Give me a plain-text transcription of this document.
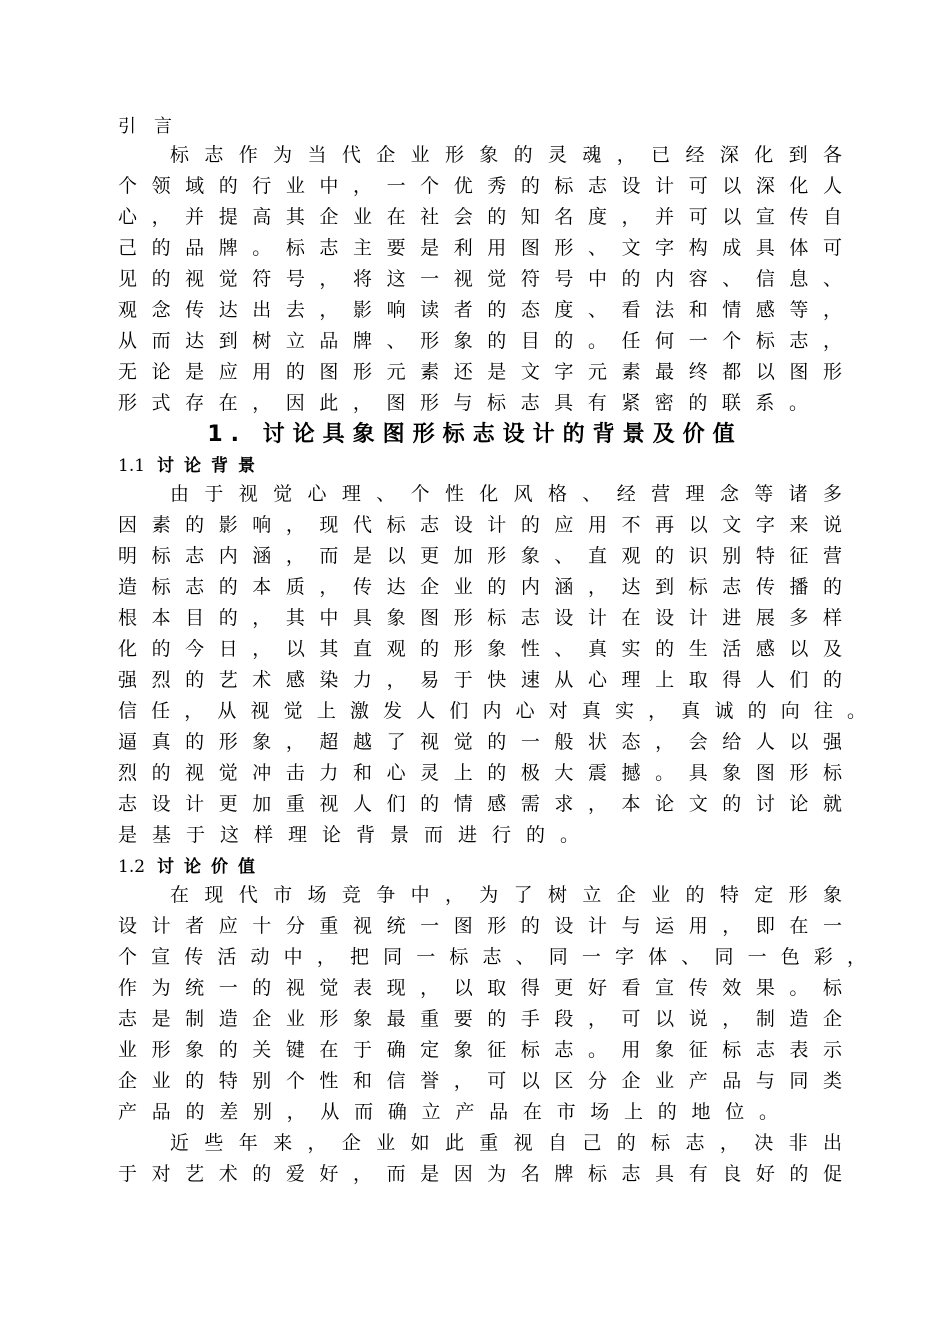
引言
标志作为当代企业形象的灵魂，已经深化到各
个领域的行业中，一个优秀的标志设计可以深化人
心，并提高其企业在社会的知名度，并可以宣传自
己的品牌。标志主要是利用图形、文字构成具体可
见的视觉符号，将这一视觉符号中的内容、信息、
观念传达出去，影响读者的态度、看法和情感等，
从而达到树立品牌、形象的目的。任何一个标志，
无论是应用的图形元素还是文字元素最终都以图形
形式存在，因此，图形与标志具有紧密的联系。
1. 讨论具象图形标志设计的背景及价值
1.1 讨论背景
由于视觉心理、个性化风格、经营理念等诸多
因素的影响，现代标志设计的应用不再以文字来说
明标志内涵，而是以更加形象、直观的识别特征营
造标志的本质，传达企业的内涵，达到标志传播的
根本目的，其中具象图形标志设计在设计进展多样
化的今日，以其直观的形象性、真实的生活感以及
强烈的艺术感染力，易于快速从心理上取得人们的
信任，从视觉上激发人们内心对真实，真诚的向往。
逼真的形象，超越了视觉的一般状态，会给人以强
烈的视觉冲击力和心灵上的极大震撼。具象图形标
志设计更加重视人们的情感需求，本论文的讨论就
是基于这样理论背景而进行的。
1.2 讨论价值
在现代市场竞争中，为了树立企业的特定形象
设计者应十分重视统一图形的设计与运用，即在一
个宣传活动中，把同一标志、同一字体、同一色彩，
作为统一的视觉表现，以取得更好看宣传效果。标
志是制造企业形象最重要的手段，可以说，制造企
业形象的关键在于确定象征标志。用象征标志表示
企业的特别个性和信誉，可以区分企业产品与同类
产品的差别，从而确立产品在市场上的地位。
近些年来，企业如此重视自己的标志，决非出
于对艺术的爱好，而是因为名牌标志具有良好的促
